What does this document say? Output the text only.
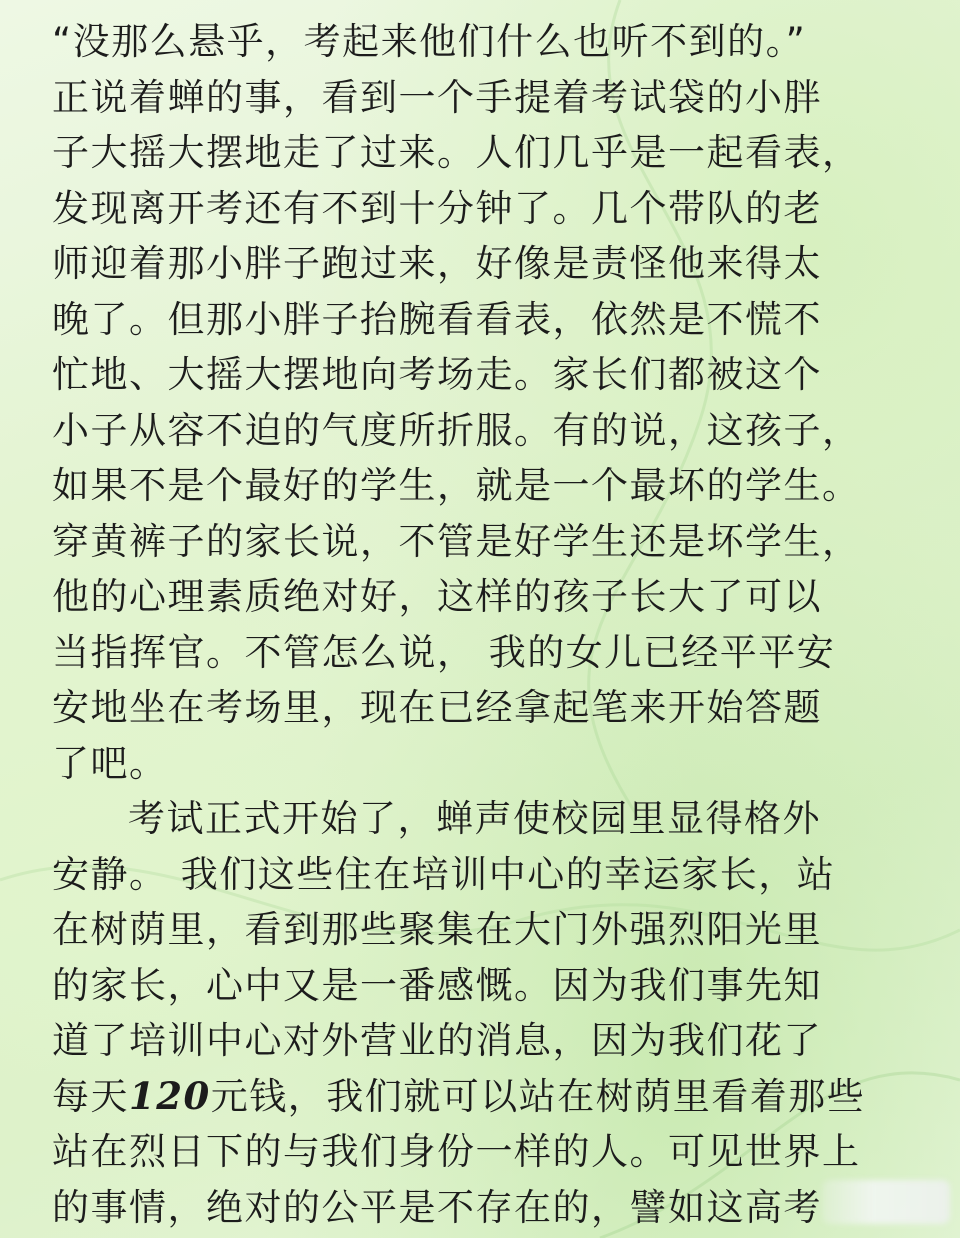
“没那么悬乎，考起来他们什么也听不到的。”
正说着蝉的事，看到一个手提着考试袋的小胖
子大摇大摆地走了过来。人们几乎是一起看表，
发现离开考还有不到十分钟了。几个带队的老
师迎着那小胖子跑过来，好像是责怪他来得太
晚了。但那小胖子抬腕看看表，依然是不慌不
忙地、大摇大摆地向考场走。家长们都被这个
小子从容不迫的气度所折服。有的说，这孩子，
如果不是个最好的学生，就是一个最坏的学生。
穿黄裤子的家长说，不管是好学生还是坏学生，
他的心理素质绝对好，这样的孩子长大了可以
当指挥官。不管怎么说， 我的女儿已经平平安
安地坐在考场里，现在已经拿起笔来开始答题
了吧。
考试正式开始了，蝉声使校园里显得格外
安静。 我们这些住在培训中心的幸运家长，站
在树荫里，看到那些聚集在大门外强烈阳光里
的家长，心中又是一番感慨。因为我们事先知
道了培训中心对外营业的消息，因为我们花了
每天120元钱，我们就可以站在树荫里看着那些
站在烈日下的与我们身份一样的人。可见世界上
的事情，绝对的公平是不存在的，譬如这高考
